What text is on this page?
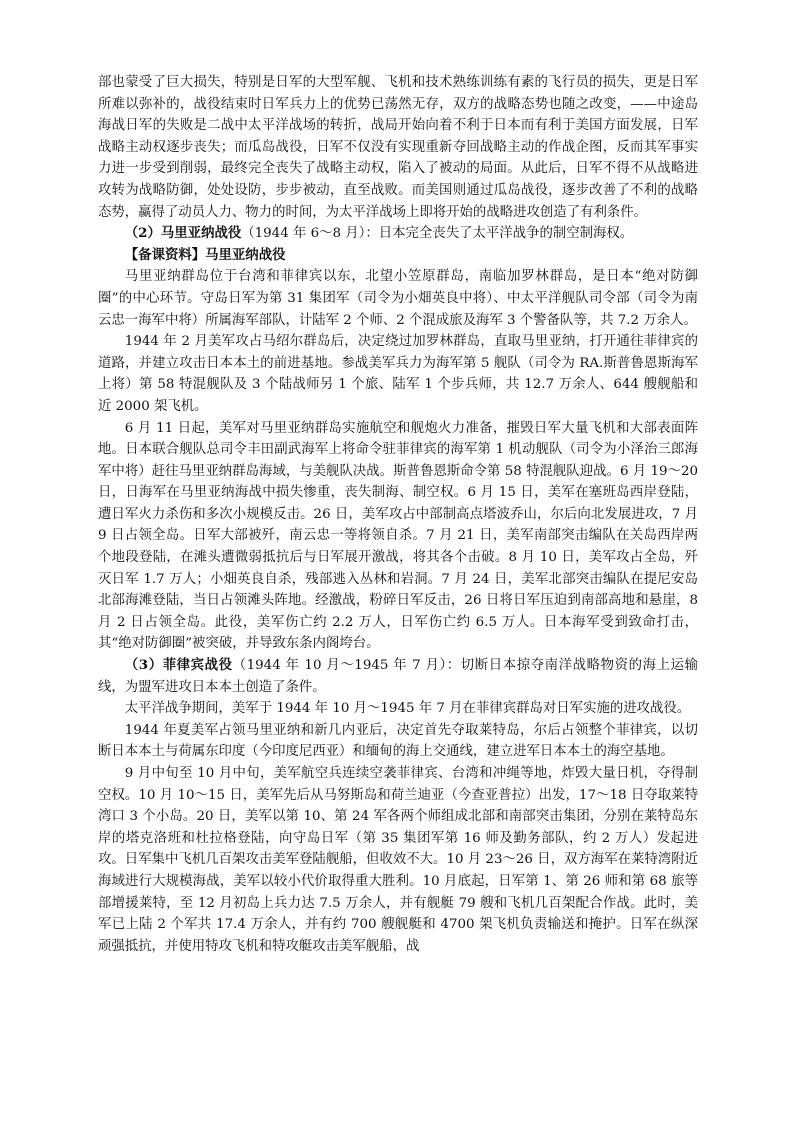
部也蒙受了巨大损失，特别是日军的大型军舰、飞机和技术熟练训练有素的飞行员的损失，更是日军所难以弥补的，战役结束时日军兵力上的优势已荡然无存，双方的战略态势也随之改变，——中途岛海战日军的失败是二战中太平洋战场的转折，战局开始向着不利于日本而有利于美国方面发展，日军战略主动权逐步丧失；而瓜岛战役，日军不仅没有实现重新夺回战略主动的作战企图，反而其军事实力进一步受到削弱，最终完全丧失了战略主动权，陷入了被动的局面。从此后，日军不得不从战略进攻转为战略防御，处处设防，步步被动，直至战败。而美国则通过瓜岛战役，逐步改善了不利的战略态势，赢得了动员人力、物力的时间，为太平洋战场上即将开始的战略进攻创造了有利条件。

（2）马里亚纳战役（1944 年 6～8 月）：日本完全丧失了太平洋战争的制空制海权。

【备课资料】马里亚纳战役

马里亚纳群岛位于台湾和菲律宾以东，北望小笠原群岛，南临加罗林群岛，是日本“绝对防御圈”的中心环节。守岛日军为第 31 集团军（司令为小畑英良中将）、中太平洋舰队司令部（司令为南云忠一海军中将）所属海军部队，计陆军 2 个师、2 个混成旅及海军 3 个警备队等，共 7.2 万余人。

1944 年 2 月美军攻占马绍尔群岛后，决定绕过加罗林群岛，直取马里亚纳，打开通往菲律宾的道路，并建立攻击日本本土的前进基地。参战美军兵力为海军第 5 舰队（司令为 RA.斯普鲁恩斯海军上将）第 58 特混舰队及 3 个陆战师另 1 个旅、陆军 1 个步兵师，共 12.7 万余人、644 艘舰船和近 2000 架飞机。

6 月 11 日起，美军对马里亚纳群岛实施航空和舰炮火力准备，摧毁日军大量飞机和大部表面阵地。日本联合舰队总司令丰田副武海军上将命令驻菲律宾的海军第 1 机动舰队（司令为小泽治三郎海军中将）赶往马里亚纳群岛海域，与美舰队决战。斯普鲁恩斯命令第 58 特混舰队迎战。6 月 19～20 日，日海军在马里亚纳海战中损失惨重，丧失制海、制空权。6 月 15 日，美军在塞班岛西岸登陆，遭日军火力杀伤和多次小规模反击。26 日，美军攻占中部制高点塔波乔山，尔后向北发展进攻，7 月 9 日占领全岛。日军大部被歼，南云忠一等将领自杀。7 月 21 日，美军南部突击编队在关岛西岸两个地段登陆，在滩头遭微弱抵抗后与日军展开激战，将其各个击破。8 月 10 日，美军攻占全岛，歼灭日军 1.7 万人；小畑英良自杀，残部逃入丛林和岩洞。7 月 24 日，美军北部突击编队在提尼安岛北部海滩登陆，当日占领滩头阵地。经激战，粉碎日军反击，26 日将日军压迫到南部高地和悬崖，8 月 2 日占领全岛。此役，美军伤亡约 2.2 万人，日军伤亡约 6.5 万人。日本海军受到致命打击，其“绝对防御圈”被突破，并导致东条内阁垮台。

（3）菲律宾战役（1944 年 10 月～1945 年 7 月）：切断日本掠夺南洋战略物资的海上运输线，为盟军进攻日本本土创造了条件。

太平洋战争期间，美军于 1944 年 10 月～1945 年 7 月在菲律宾群岛对日军实施的进攻战役。

1944 年夏美军占领马里亚纳和新几内亚后，决定首先夺取莱特岛，尔后占领整个菲律宾，以切断日本本土与荷属东印度（今印度尼西亚）和缅甸的海上交通线，建立进军日本本土的海空基地。

9 月中旬至 10 月中旬，美军航空兵连续空袭菲律宾、台湾和冲绳等地，炸毁大量日机，夺得制空权。10 月 10～15 日，美军先后从马努斯岛和荷兰迪亚（今查亚普拉）出发，17～18 日夺取莱特湾口 3 个小岛。20 日，美军以第 10、第 24 军各两个师组成北部和南部突击集团，分别在莱特岛东岸的塔克洛班和杜拉格登陆，向守岛日军（第 35 集团军第 16 师及勤务部队，约 2 万人）发起进攻。日军集中飞机几百架攻击美军登陆舰船，但收效不大。10 月 23～26 日，双方海军在莱特湾附近海域进行大规模海战，美军以较小代价取得重大胜利。10 月底起，日军第 1、第 26 师和第 68 旅等部增援莱特，至 12 月初岛上兵力达 7.5 万余人，并有舰艇 79 艘和飞机几百架配合作战。此时，美军已上陆 2 个军共 17.4 万余人，并有约 700 艘舰艇和 4700 架飞机负责输送和掩护。日军在纵深顽强抵抗，并使用特攻飞机和特攻艇攻击美军舰船，战
